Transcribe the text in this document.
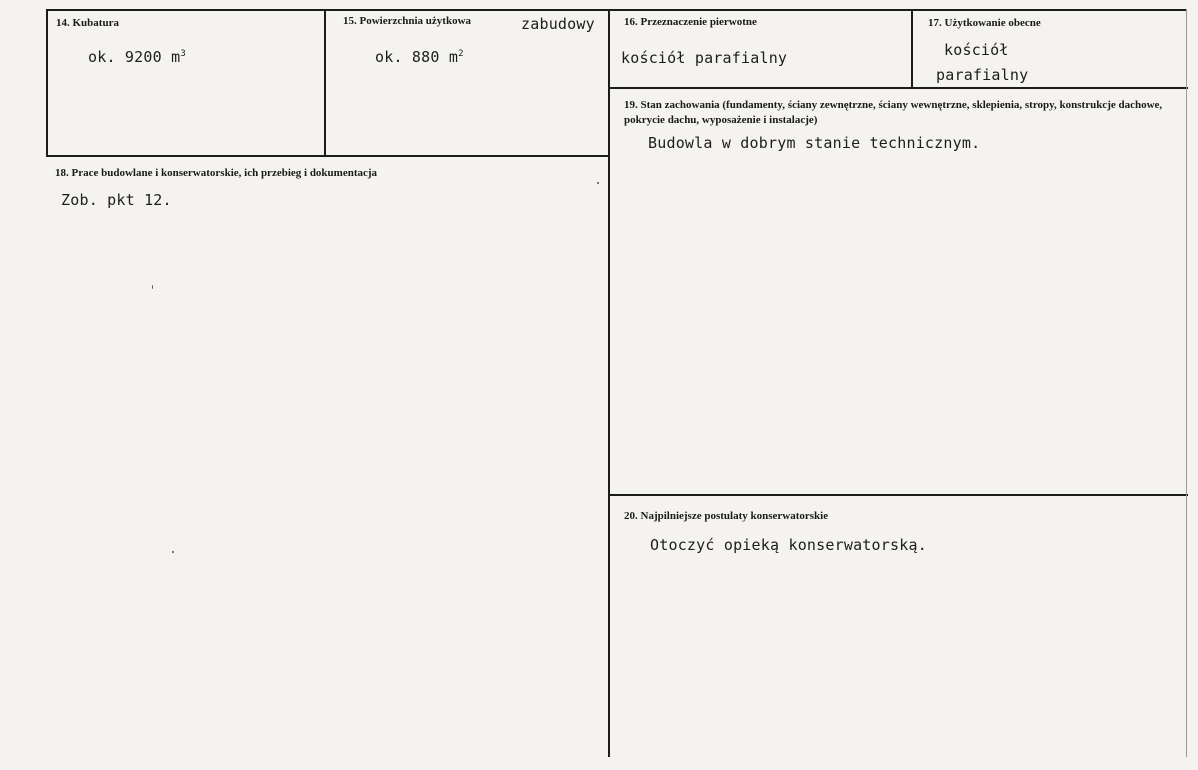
14. Kubatura
ok. 9200 $m^3$
15. Powierzchnia użytkowa	zabudowy
ok. 880 $m^2$
16. Przeznaczenie pierwotne
kościół parafialny
17. Użytkowanie obecne
kościół
parafialny
19. Stan zachowania (fundamenty, ściany zewnętrzne, ściany wewnętrzne, sklepienia, stropy, konstrukcje dachowe, pokrycie dachu, wyposażenie i instalacje)
Budowla w dobrym stanie technicznym.
18. Prace budowlane i konserwatorskie, ich przebieg i dokumentacja
Zob. pkt 12.
20. Najpilniejsze postulaty konserwatorskie
Otoczyć opieką konserwatorską.
